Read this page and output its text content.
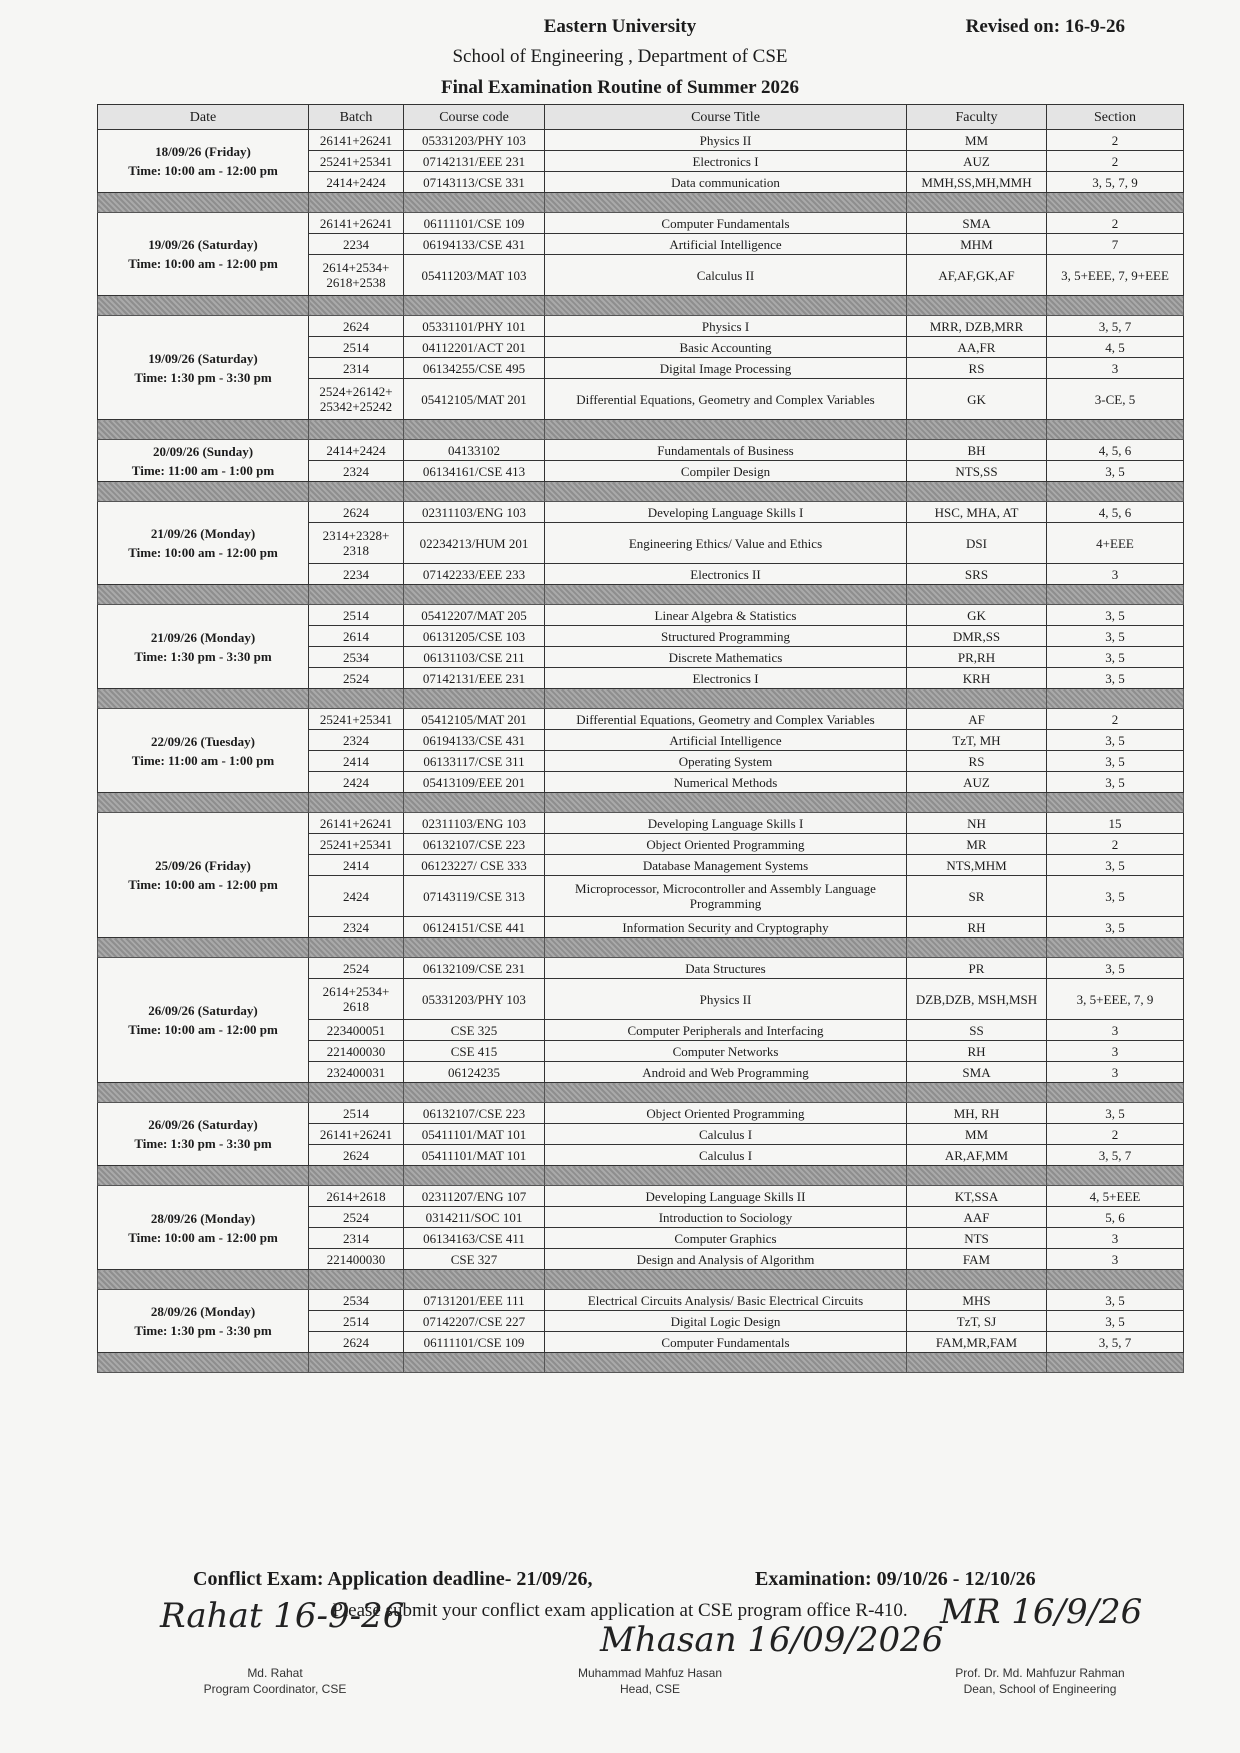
Eastern University	Revised on: 16-9-26
School of Engineering , Department of CSE
Final Examination Routine of Summer 2026
Date	Batch	Course code	Course Title	Faculty	Section

18/09/26 (Friday)
Time: 10:00 am - 12:00 pm	26141+26241	05331203/PHY 103	Physics II	MM	2
	25241+25341	07142131/EEE 231	Electronics I	AUZ	2
	2414+2424	07143113/CSE 331	Data communication	MMH,SS,MH,MMH	3, 5, 7, 9

19/09/26 (Saturday)
Time: 10:00 am - 12:00 pm	26141+26241	06111101/CSE 109	Computer Fundamentals	SMA	2
	2234	06194133/CSE 431	Artificial Intelligence	MHM	7
	2614+2534+ 2618+2538	05411203/MAT 103	Calculus II	AF,AF,GK,AF	3, 5+EEE, 7, 9+EEE

19/09/26 (Saturday)
Time: 1:30 pm - 3:30 pm	2624	05331101/PHY 101	Physics I	MRR, DZB,MRR	3, 5, 7
	2514	04112201/ACT 201	Basic Accounting	AA,FR	4, 5
	2314	06134255/CSE 495	Digital Image Processing	RS	3
	2524+26142+ 25342+25242	05412105/MAT 201	Differential Equations, Geometry and Complex Variables	GK	3-CE, 5

20/09/26 (Sunday)
Time: 11:00 am - 1:00 pm	2414+2424	04133102	Fundamentals of Business	BH	4, 5, 6
	2324	06134161/CSE 413	Compiler Design	NTS,SS	3, 5

21/09/26 (Monday)
Time: 10:00 am - 12:00 pm	2624	02311103/ENG 103	Developing Language Skills I	HSC, MHA, AT	4, 5, 6
	2314+2328+ 2318	02234213/HUM 201	Engineering Ethics/ Value and Ethics	DSI	4+EEE
	2234	07142233/EEE 233	Electronics II	SRS	3

21/09/26 (Monday)
Time: 1:30 pm - 3:30 pm	2514	05412207/MAT 205	Linear Algebra & Statistics	GK	3, 5
	2614	06131205/CSE 103	Structured Programming	DMR,SS	3, 5
	2534	06131103/CSE 211	Discrete Mathematics	PR,RH	3, 5
	2524	07142131/EEE 231	Electronics I	KRH	3, 5

22/09/26 (Tuesday)
Time: 11:00 am - 1:00 pm	25241+25341	05412105/MAT 201	Differential Equations, Geometry and Complex Variables	AF	2
	2324	06194133/CSE 431	Artificial Intelligence	TzT, MH	3, 5
	2414	06133117/CSE 311	Operating System	RS	3, 5
	2424	05413109/EEE 201	Numerical Methods	AUZ	3, 5

25/09/26 (Friday)
Time: 10:00 am - 12:00 pm	26141+26241	02311103/ENG 103	Developing Language Skills I	NH	15
	25241+25341	06132107/CSE 223	Object Oriented Programming	MR	2
	2414	06123227/ CSE 333	Database Management Systems	NTS,MHM	3, 5
	2424	07143119/CSE 313	Microprocessor, Microcontroller and Assembly Language Programming	SR	3, 5
	2324	06124151/CSE 441	Information Security and Cryptography	RH	3, 5

26/09/26 (Saturday)
Time: 10:00 am - 12:00 pm	2524	06132109/CSE 231	Data Structures	PR	3, 5
	2614+2534+ 2618	05331203/PHY 103	Physics II	DZB,DZB, MSH,MSH	3, 5+EEE, 7, 9
	223400051	CSE 325	Computer Peripherals and Interfacing	SS	3
	221400030	CSE 415	Computer Networks	RH	3
	232400031	06124235	Android and Web Programming	SMA	3

26/09/26 (Saturday)
Time: 1:30 pm - 3:30 pm	2514	06132107/CSE 223	Object Oriented Programming	MH, RH	3, 5
	26141+26241	05411101/MAT 101	Calculus I	MM	2
	2624	05411101/MAT 101	Calculus I	AR,AF,MM	3, 5, 7

28/09/26 (Monday)
Time: 10:00 am - 12:00 pm	2614+2618	02311207/ENG 107	Developing Language Skills II	KT,SSA	4, 5+EEE
	2524	0314211/SOC 101	Introduction to Sociology	AAF	5, 6
	2314	06134163/CSE 411	Computer Graphics	NTS	3
	221400030	CSE 327	Design and Analysis of Algorithm	FAM	3

28/09/26 (Monday)
Time: 1:30 pm - 3:30 pm	2534	07131201/EEE 111	Electrical Circuits Analysis/ Basic Electrical Circuits	MHS	3, 5
	2514	07142207/CSE 227	Digital Logic Design	TzT, SJ	3, 5
	2624	06111101/CSE 109	Computer Fundamentals	FAM,MR,FAM	3, 5, 7

Conflict Exam: Application deadline- 21/09/26,	Examination: 09/10/26 - 12/10/26
Please submit your conflict exam application at CSE program office R-410.
Rahat 16-9-26
Md. Rahat
Program Coordinator, CSE
Mhasan 16/09/2026
Muhammad Mahfuz Hasan
Head, CSE
MR 16/9/26
Prof. Dr. Md. Mahfuzur Rahman
Dean, School of Engineering
